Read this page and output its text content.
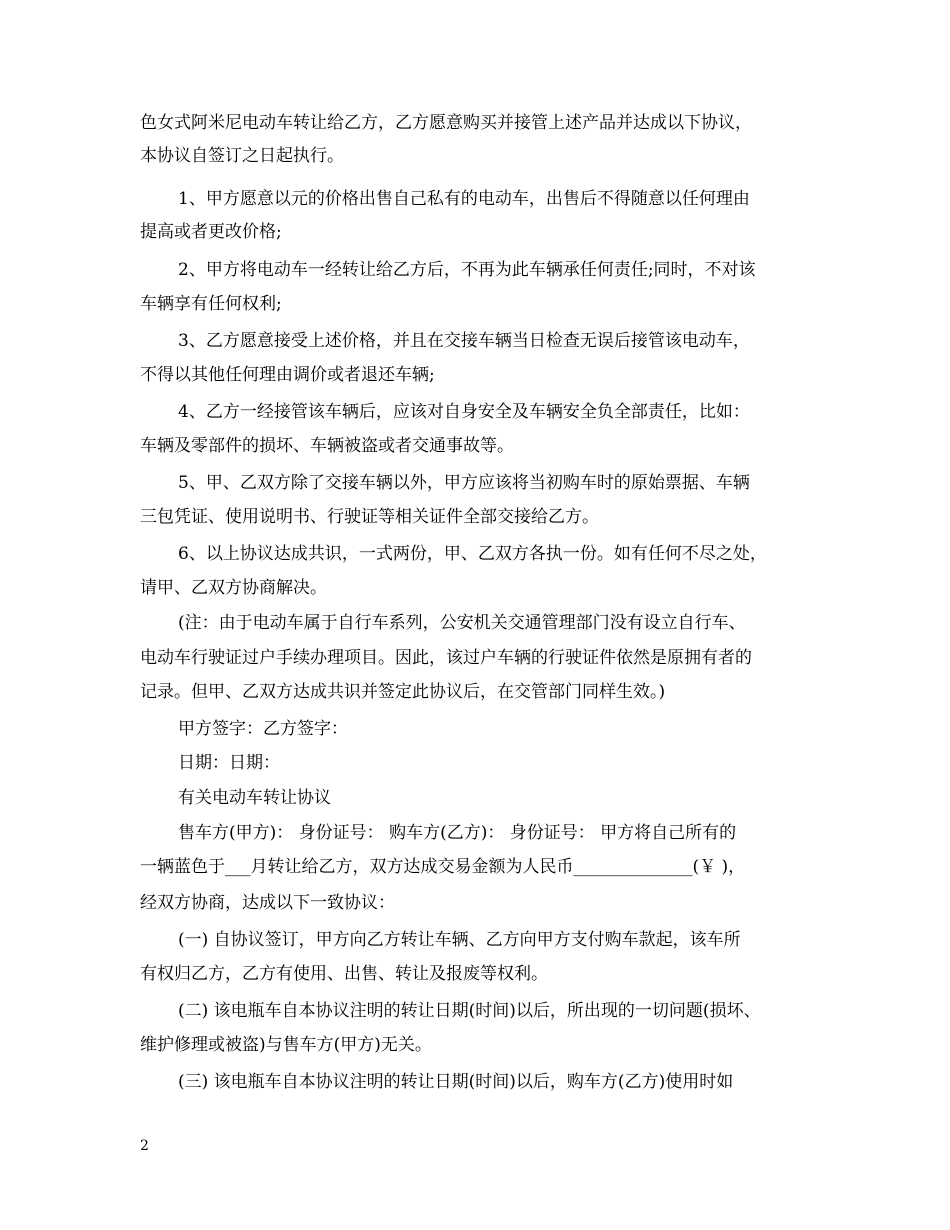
色女式阿米尼电动车转让给乙方，乙方愿意购买并接管上述产品并达成以下协议，
本协议自签订之日起执行。
1、甲方愿意以元的价格出售自己私有的电动车，出售后不得随意以任何理由
提高或者更改价格;
2、甲方将电动车一经转让给乙方后，不再为此车辆承任何责任;同时，不对该
车辆享有任何权利;
3、乙方愿意接受上述价格，并且在交接车辆当日检查无误后接管该电动车，
不得以其他任何理由调价或者退还车辆;
4、乙方一经接管该车辆后，应该对自身安全及车辆安全负全部责任，比如：
车辆及零部件的损坏、车辆被盗或者交通事故等。
5、甲、乙双方除了交接车辆以外，甲方应该将当初购车时的原始票据、车辆
三包凭证、使用说明书、行驶证等相关证件全部交接给乙方。
6、以上协议达成共识，一式两份，甲、乙双方各执一份。如有任何不尽之处，
请甲、乙双方协商解决。
(注：由于电动车属于自行车系列，公安机关交通管理部门没有设立自行车、
电动车行驶证过户手续办理项目。因此，该过户车辆的行驶证件依然是原拥有者的
记录。但甲、乙双方达成共识并签定此协议后，在交管部门同样生效。)
甲方签字：乙方签字：
日期：日期：
有关电动车转让协议
售车方(甲方)： 身份证号： 购车方(乙方)： 身份证号： 甲方将自己所有的
一辆蓝色于___月转让给乙方，双方达成交易金额为人民币______________(￥ )，
经双方协商，达成以下一致协议：
(一) 自协议签订，甲方向乙方转让车辆、乙方向甲方支付购车款起，该车所
有权归乙方，乙方有使用、出售、转让及报废等权利。
(二) 该电瓶车自本协议注明的转让日期(时间)以后，所出现的一切问题(损坏、
维护修理或被盗)与售车方(甲方)无关。
(三) 该电瓶车自本协议注明的转让日期(时间)以后，购车方(乙方)使用时如
2
